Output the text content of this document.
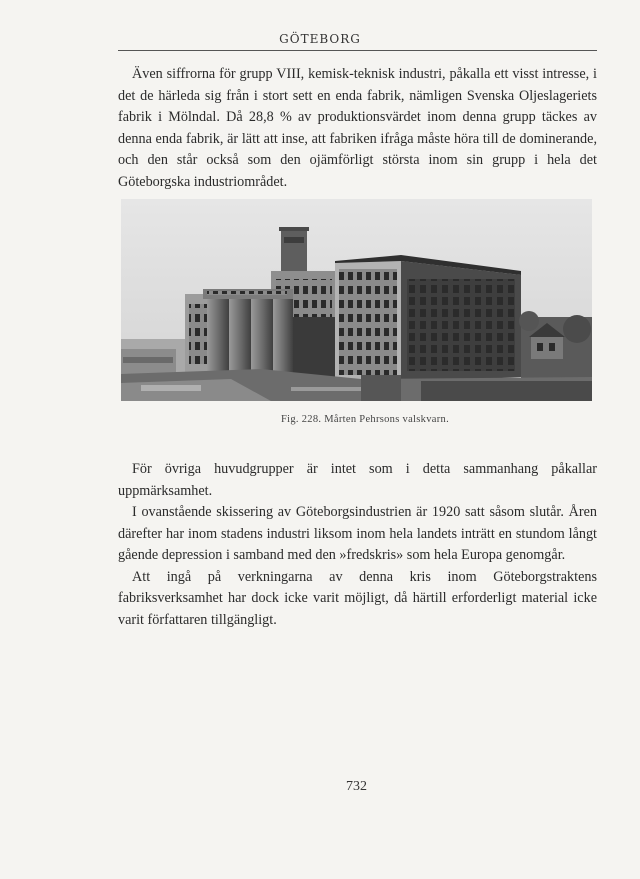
GÖTEBORG

Även siffrorna för grupp VIII, kemisk-teknisk industri, påkalla ett visst intresse, i det de härleda sig från i stort sett en enda fabrik, nämligen Svenska Oljeslageriets fabrik i Mölndal. Då 28,8 % av produktionsvärdet inom denna grupp täckes av denna enda fabrik, är lätt att inse, att fabriken ifråga måste höra till de dominerande, och den står också som den ojämförligt största inom sin grupp i hela det Göteborgska industriområdet.

Fig. 228. Mårten Pehrsons valskvarn.

För övriga huvudgrupper är intet som i detta sammanhang påkallar uppmärksamhet.

I ovanstående skissering av Göteborgsindustrien är 1920 satt såsom slutår. Åren därefter har inom stadens industri liksom inom hela landets inträtt en stundom långt gående depression i samband med den »fredskris» som hela Europa genomgår.

Att ingå på verkningarna av denna kris inom Göteborgstraktens fabriksverksamhet har dock icke varit möjligt, då härtill erforderligt material icke varit författaren tillgängligt.

732
